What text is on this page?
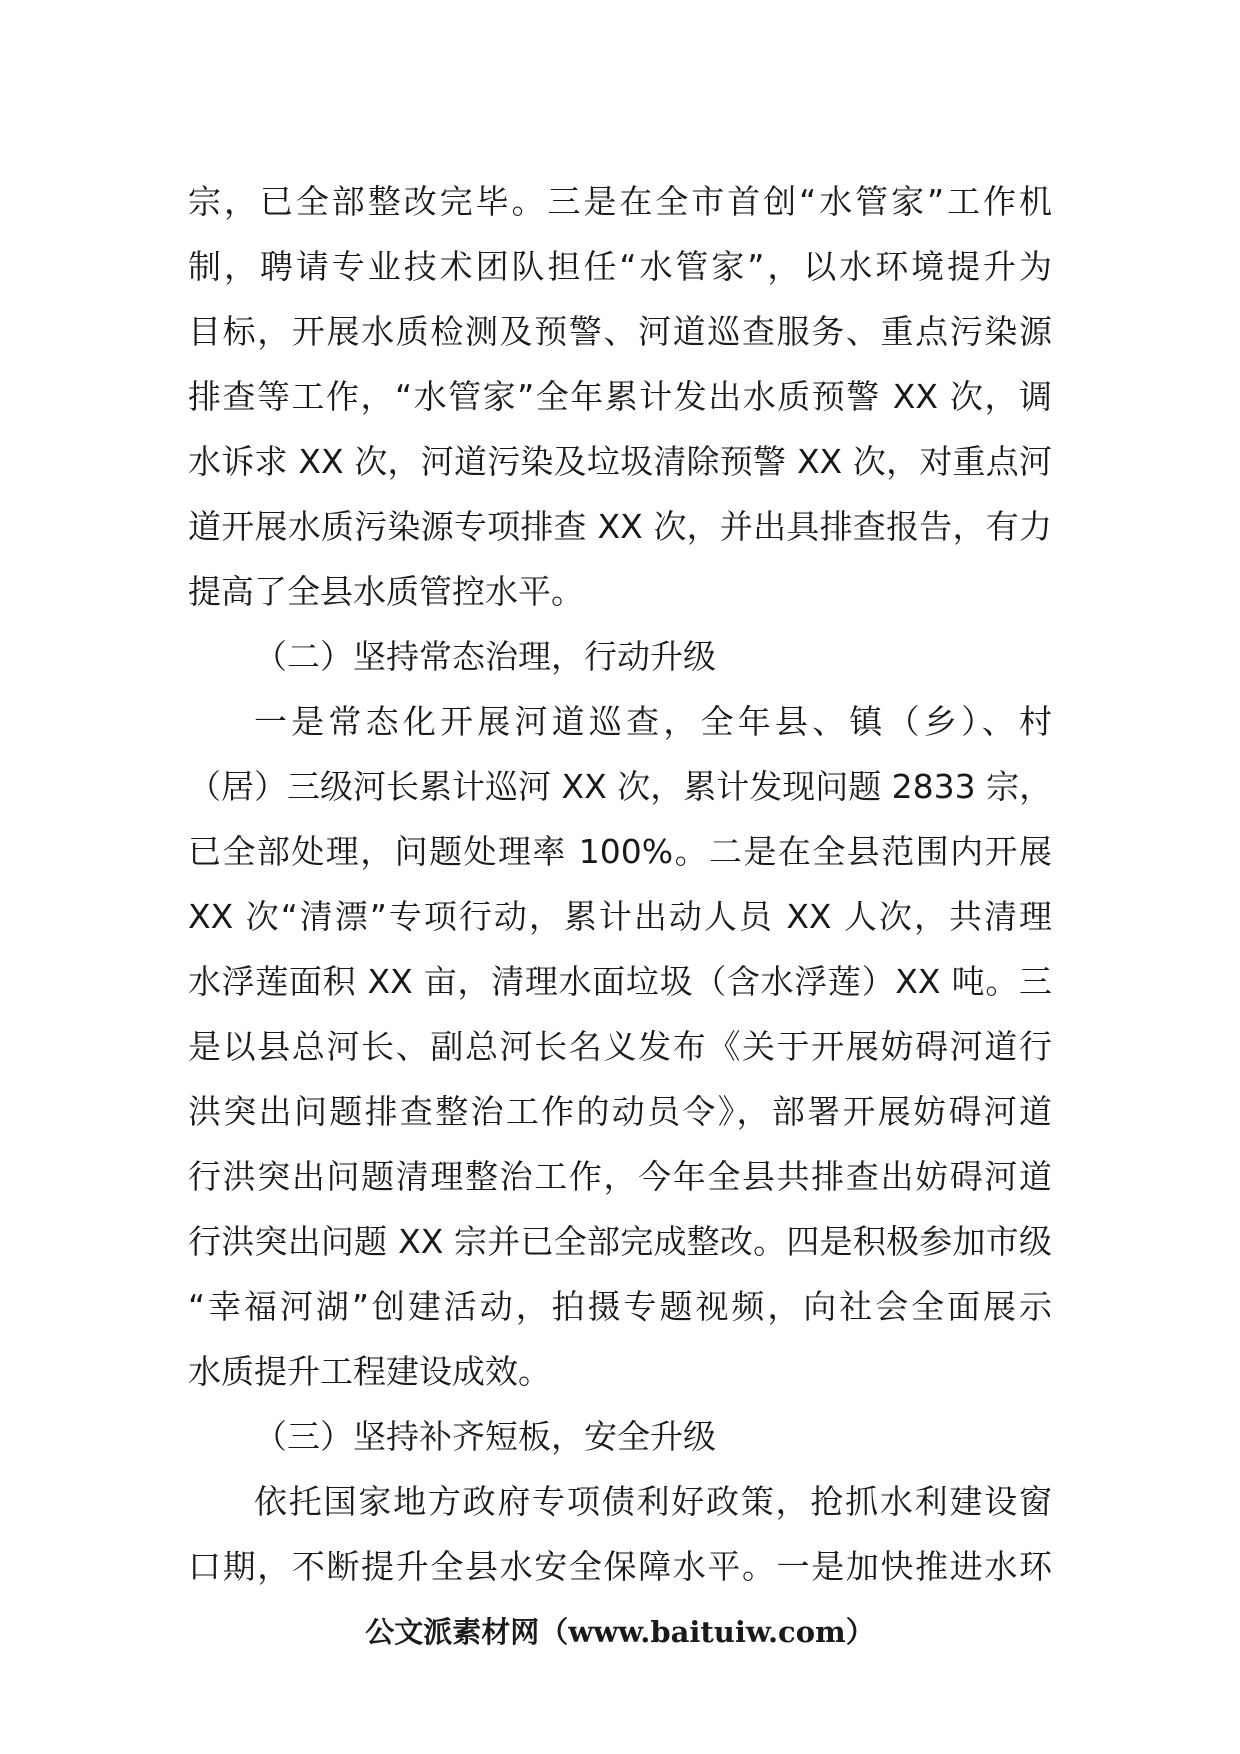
宗，已全部整改完毕。三是在全市首创“水管家”工作机
制，聘请专业技术团队担任“水管家”，以水环境提升为
目标，开展水质检测及预警、河道巡查服务、重点污染源
排查等工作，“水管家”全年累计发出水质预警 XX 次，调
水诉求 XX 次，河道污染及垃圾清除预警 XX 次，对重点河
道开展水质污染源专项排查 XX 次，并出具排查报告，有力
提高了全县水质管控水平。
（二）坚持常态治理，行动升级
一是常态化开展河道巡查，全年县、镇（乡）、村
（居）三级河长累计巡河 XX 次，累计发现问题 2833 宗，
已全部处理，问题处理率 100%。二是在全县范围内开展
XX 次“清漂”专项行动，累计出动人员 XX 人次，共清理
水浮莲面积 XX 亩，清理水面垃圾（含水浮莲）XX 吨。三
是以县总河长、副总河长名义发布《关于开展妨碍河道行
洪突出问题排查整治工作的动员令》，部署开展妨碍河道
行洪突出问题清理整治工作，今年全县共排查出妨碍河道
行洪突出问题 XX 宗并已全部完成整改。四是积极参加市级
“幸福河湖”创建活动，拍摄专题视频，向社会全面展示
水质提升工程建设成效。
（三）坚持补齐短板，安全升级
依托国家地方政府专项债利好政策，抢抓水利建设窗
口期，不断提升全县水安全保障水平。一是加快推进水环
公文派素材网（www.baituiw.com）
